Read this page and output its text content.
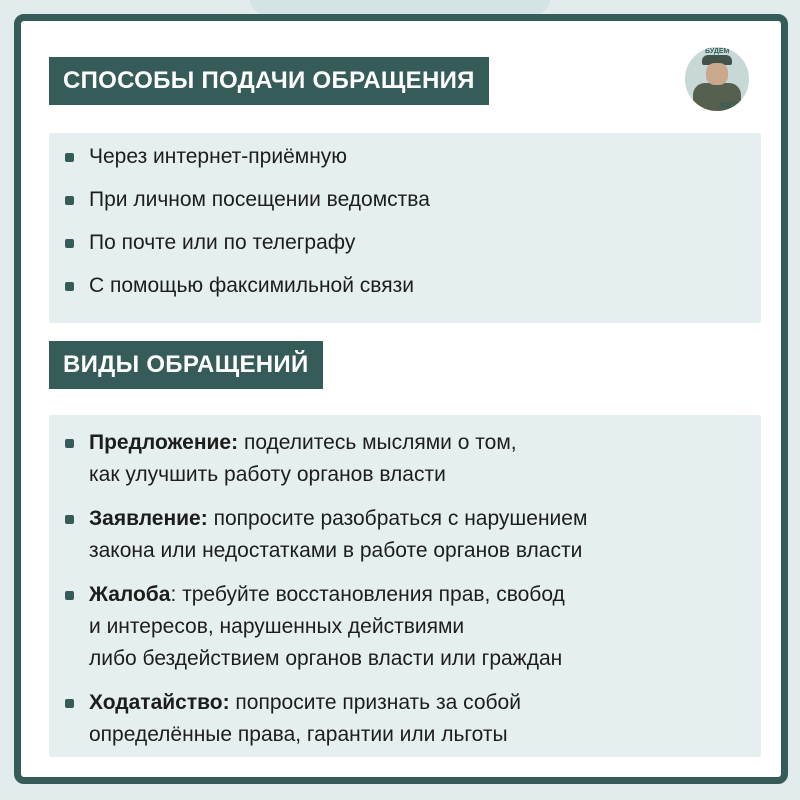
БУДЕМ
ЖИТЬ
СПОСОБЫ ПОДАЧИ ОБРАЩЕНИЯ
Через интернет-приёмную
При личном посещении ведомства
По почте или по телеграфу
С помощью факсимильной связи
ВИДЫ ОБРАЩЕНИЙ
Предложение: поделитесь мыслями о том,
как улучшить работу органов власти
Заявление: попросите разобраться с нарушением
закона или недостатками в работе органов власти
Жалоба: требуйте восстановления прав, свобод
и интересов, нарушенных действиями
либо бездействием органов власти или граждан
Ходатайство: попросите признать за собой
определённые права, гарантии или льготы
